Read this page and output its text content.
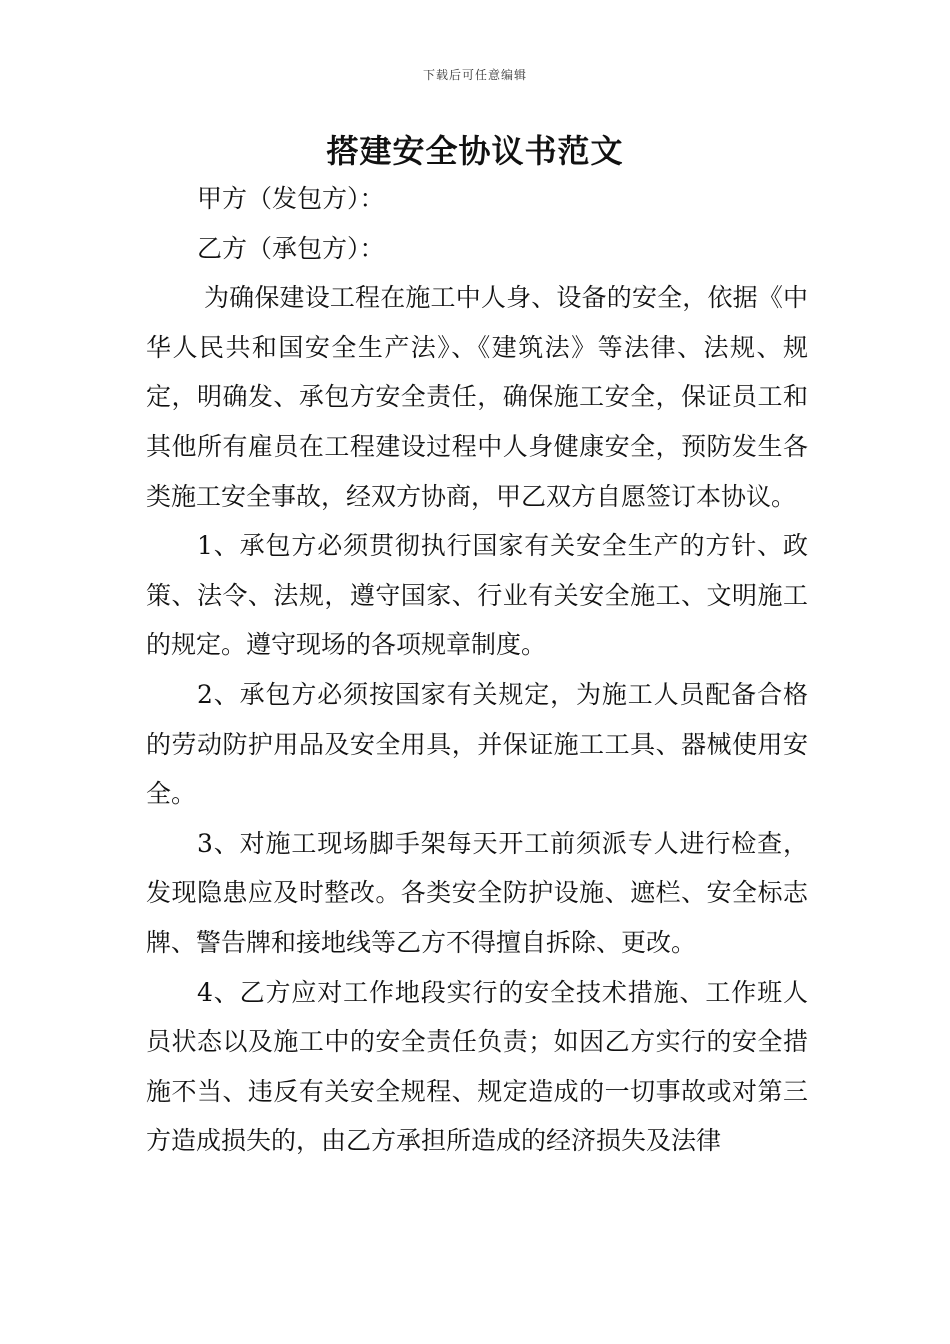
下载后可任意编辑
搭建安全协议书范文

甲方（发包方）：

乙方（承包方）：

为确保建设工程在施工中人身、设备的安全，依据《中华人民共和国安全生产法》、《建筑法》等法律、法规、规定，明确发、承包方安全责任，确保施工安全，保证员工和其他所有雇员在工程建设过程中人身健康安全，预防发生各类施工安全事故，经双方协商，甲乙双方自愿签订本协议。

1、承包方必须贯彻执行国家有关安全生产的方针、政策、法令、法规，遵守国家、行业有关安全施工、文明施工的规定。遵守现场的各项规章制度。

2、承包方必须按国家有关规定，为施工人员配备合格的劳动防护用品及安全用具，并保证施工工具、器械使用安全。

3、对施工现场脚手架每天开工前须派专人进行检查，发现隐患应及时整改。各类安全防护设施、遮栏、安全标志牌、警告牌和接地线等乙方不得擅自拆除、更改。

4、乙方应对工作地段实行的安全技术措施、工作班人员状态以及施工中的安全责任负责；如因乙方实行的安全措施不当、违反有关安全规程、规定造成的一切事故或对第三方造成损失的，由乙方承担所造成的经济损失及法律
